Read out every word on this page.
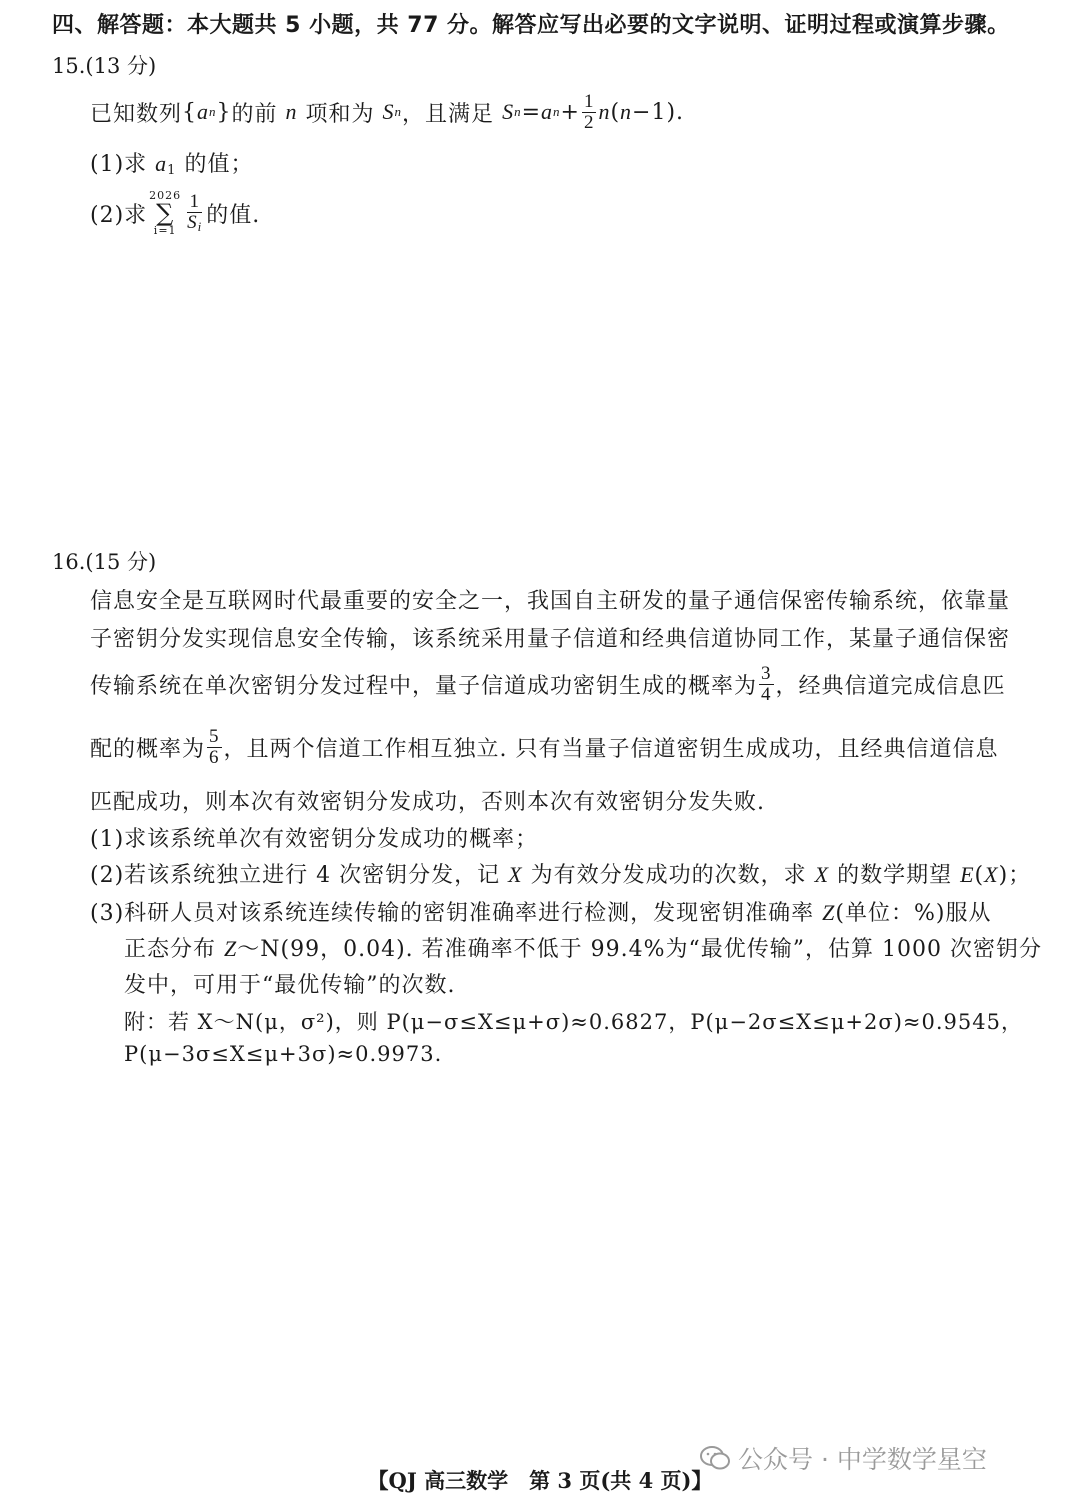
四、解答题：本大题共 5 小题，共 77 分。解答应写出必要的文字说明、证明过程或演算步骤。
15.(13 分)
已知数列 { a n } 的前
n
项和为
S n ，且满足
S n = a $n + \frac{1}{2}$ n ( n −1).
(1)求 $a_1$ 的值；
(2)求
2026
∑
$i=1 \frac{1}{S_i}$ 的值.
16.(15 分)
信息安全是互联网时代最重要的安全之一，我国自主研发的量子通信保密传输系统，依靠量
子密钥分发实现信息安全传输，该系统采用量子信道和经典信道协同工作，某量子通信保密
传输系统在单次密钥分发过程中，量子信道成功密钥生成的概率为 $\frac{3}{4}$ ，经典信道完成信息匹
配的概率为 $\frac{5}{6}$ ，且两个信道工作相互独立. 只有当量子信道密钥生成成功，且经典信道信息
匹配成功，则本次有效密钥分发成功，否则本次有效密钥分发失败.
(1)求该系统单次有效密钥分发成功的概率；
(2)若该系统独立进行 4 次密钥分发，记 X 为有效分发成功的次数，求 X 的数学期望 E(X)；
(3)科研人员对该系统连续传输的密钥准确率进行检测，发现密钥准确率 Z(单位：%)服从
正态分布 Z～N(99，0.04). 若准确率不低于 99.4%为“最优传输”，估算 1000 次密钥分
发中，可用于“最优传输”的次数.
附：若 X～N(μ，σ²)，则 P(μ−σ≤X≤μ+σ)≈0.6827，P(μ−2σ≤X≤μ+2σ)≈0.9545，
P(μ−3σ≤X≤μ+3σ)≈0.9973.
公众号 · 中学数学星空
【QJ 高三数学　第 3 页(共 4 页)】
